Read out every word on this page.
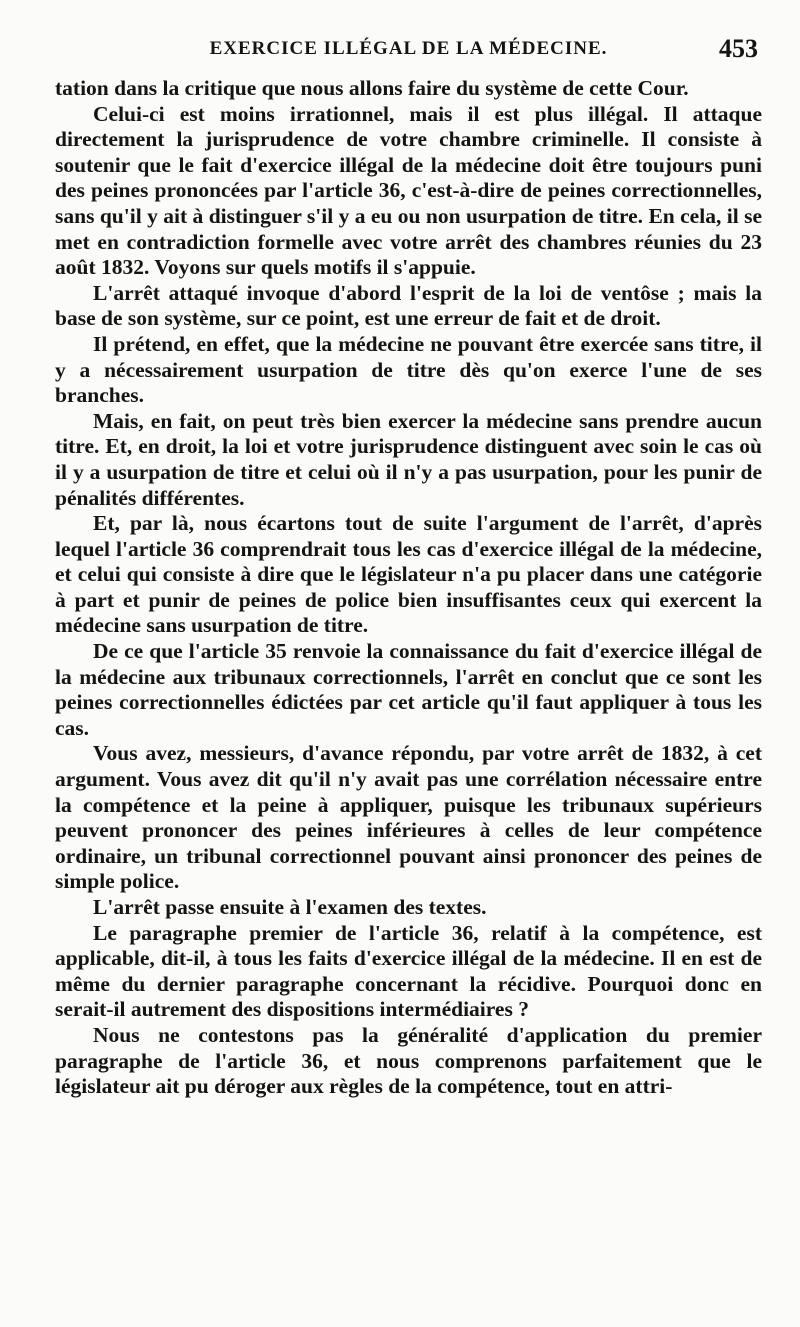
EXERCICE ILLÉGAL DE LA MÉDECINE.	453

tation dans la critique que nous allons faire du système de cette Cour.

Celui-ci est moins irrationnel, mais il est plus illégal. Il attaque directement la jurisprudence de votre chambre criminelle. Il consiste à soutenir que le fait d'exercice illégal de la médecine doit être toujours puni des peines prononcées par l'article 36, c'est-à-dire de peines correctionnelles, sans qu'il y ait à distinguer s'il y a eu ou non usurpation de titre. En cela, il se met en contradiction formelle avec votre arrêt des chambres réunies du 23 août 1832. Voyons sur quels motifs il s'appuie.

L'arrêt attaqué invoque d'abord l'esprit de la loi de ventôse ; mais la base de son système, sur ce point, est une erreur de fait et de droit.

Il prétend, en effet, que la médecine ne pouvant être exercée sans titre, il y a nécessairement usurpation de titre dès qu'on exerce l'une de ses branches.

Mais, en fait, on peut très bien exercer la médecine sans prendre aucun titre. Et, en droit, la loi et votre jurisprudence distinguent avec soin le cas où il y a usurpation de titre et celui où il n'y a pas usurpation, pour les punir de pénalités différentes.

Et, par là, nous écartons tout de suite l'argument de l'arrêt, d'après lequel l'article 36 comprendrait tous les cas d'exercice illégal de la médecine, et celui qui consiste à dire que le législateur n'a pu placer dans une catégorie à part et punir de peines de police bien insuffisantes ceux qui exercent la médecine sans usurpation de titre.

De ce que l'article 35 renvoie la connaissance du fait d'exercice illégal de la médecine aux tribunaux correctionnels, l'arrêt en conclut que ce sont les peines correctionnelles édictées par cet article qu'il faut appliquer à tous les cas.

Vous avez, messieurs, d'avance répondu, par votre arrêt de 1832, à cet argument. Vous avez dit qu'il n'y avait pas une corrélation nécessaire entre la compétence et la peine à appliquer, puisque les tribunaux supérieurs peuvent prononcer des peines inférieures à celles de leur compétence ordinaire, un tribunal correctionnel pouvant ainsi prononcer des peines de simple police.

L'arrêt passe ensuite à l'examen des textes.

Le paragraphe premier de l'article 36, relatif à la compétence, est applicable, dit-il, à tous les faits d'exercice illégal de la médecine. Il en est de même du dernier paragraphe concernant la récidive. Pourquoi donc en serait-il autrement des dispositions intermédiaires ?

Nous ne contestons pas la généralité d'application du premier paragraphe de l'article 36, et nous comprenons parfaitement que le législateur ait pu déroger aux règles de la compétence, tout en attri-
